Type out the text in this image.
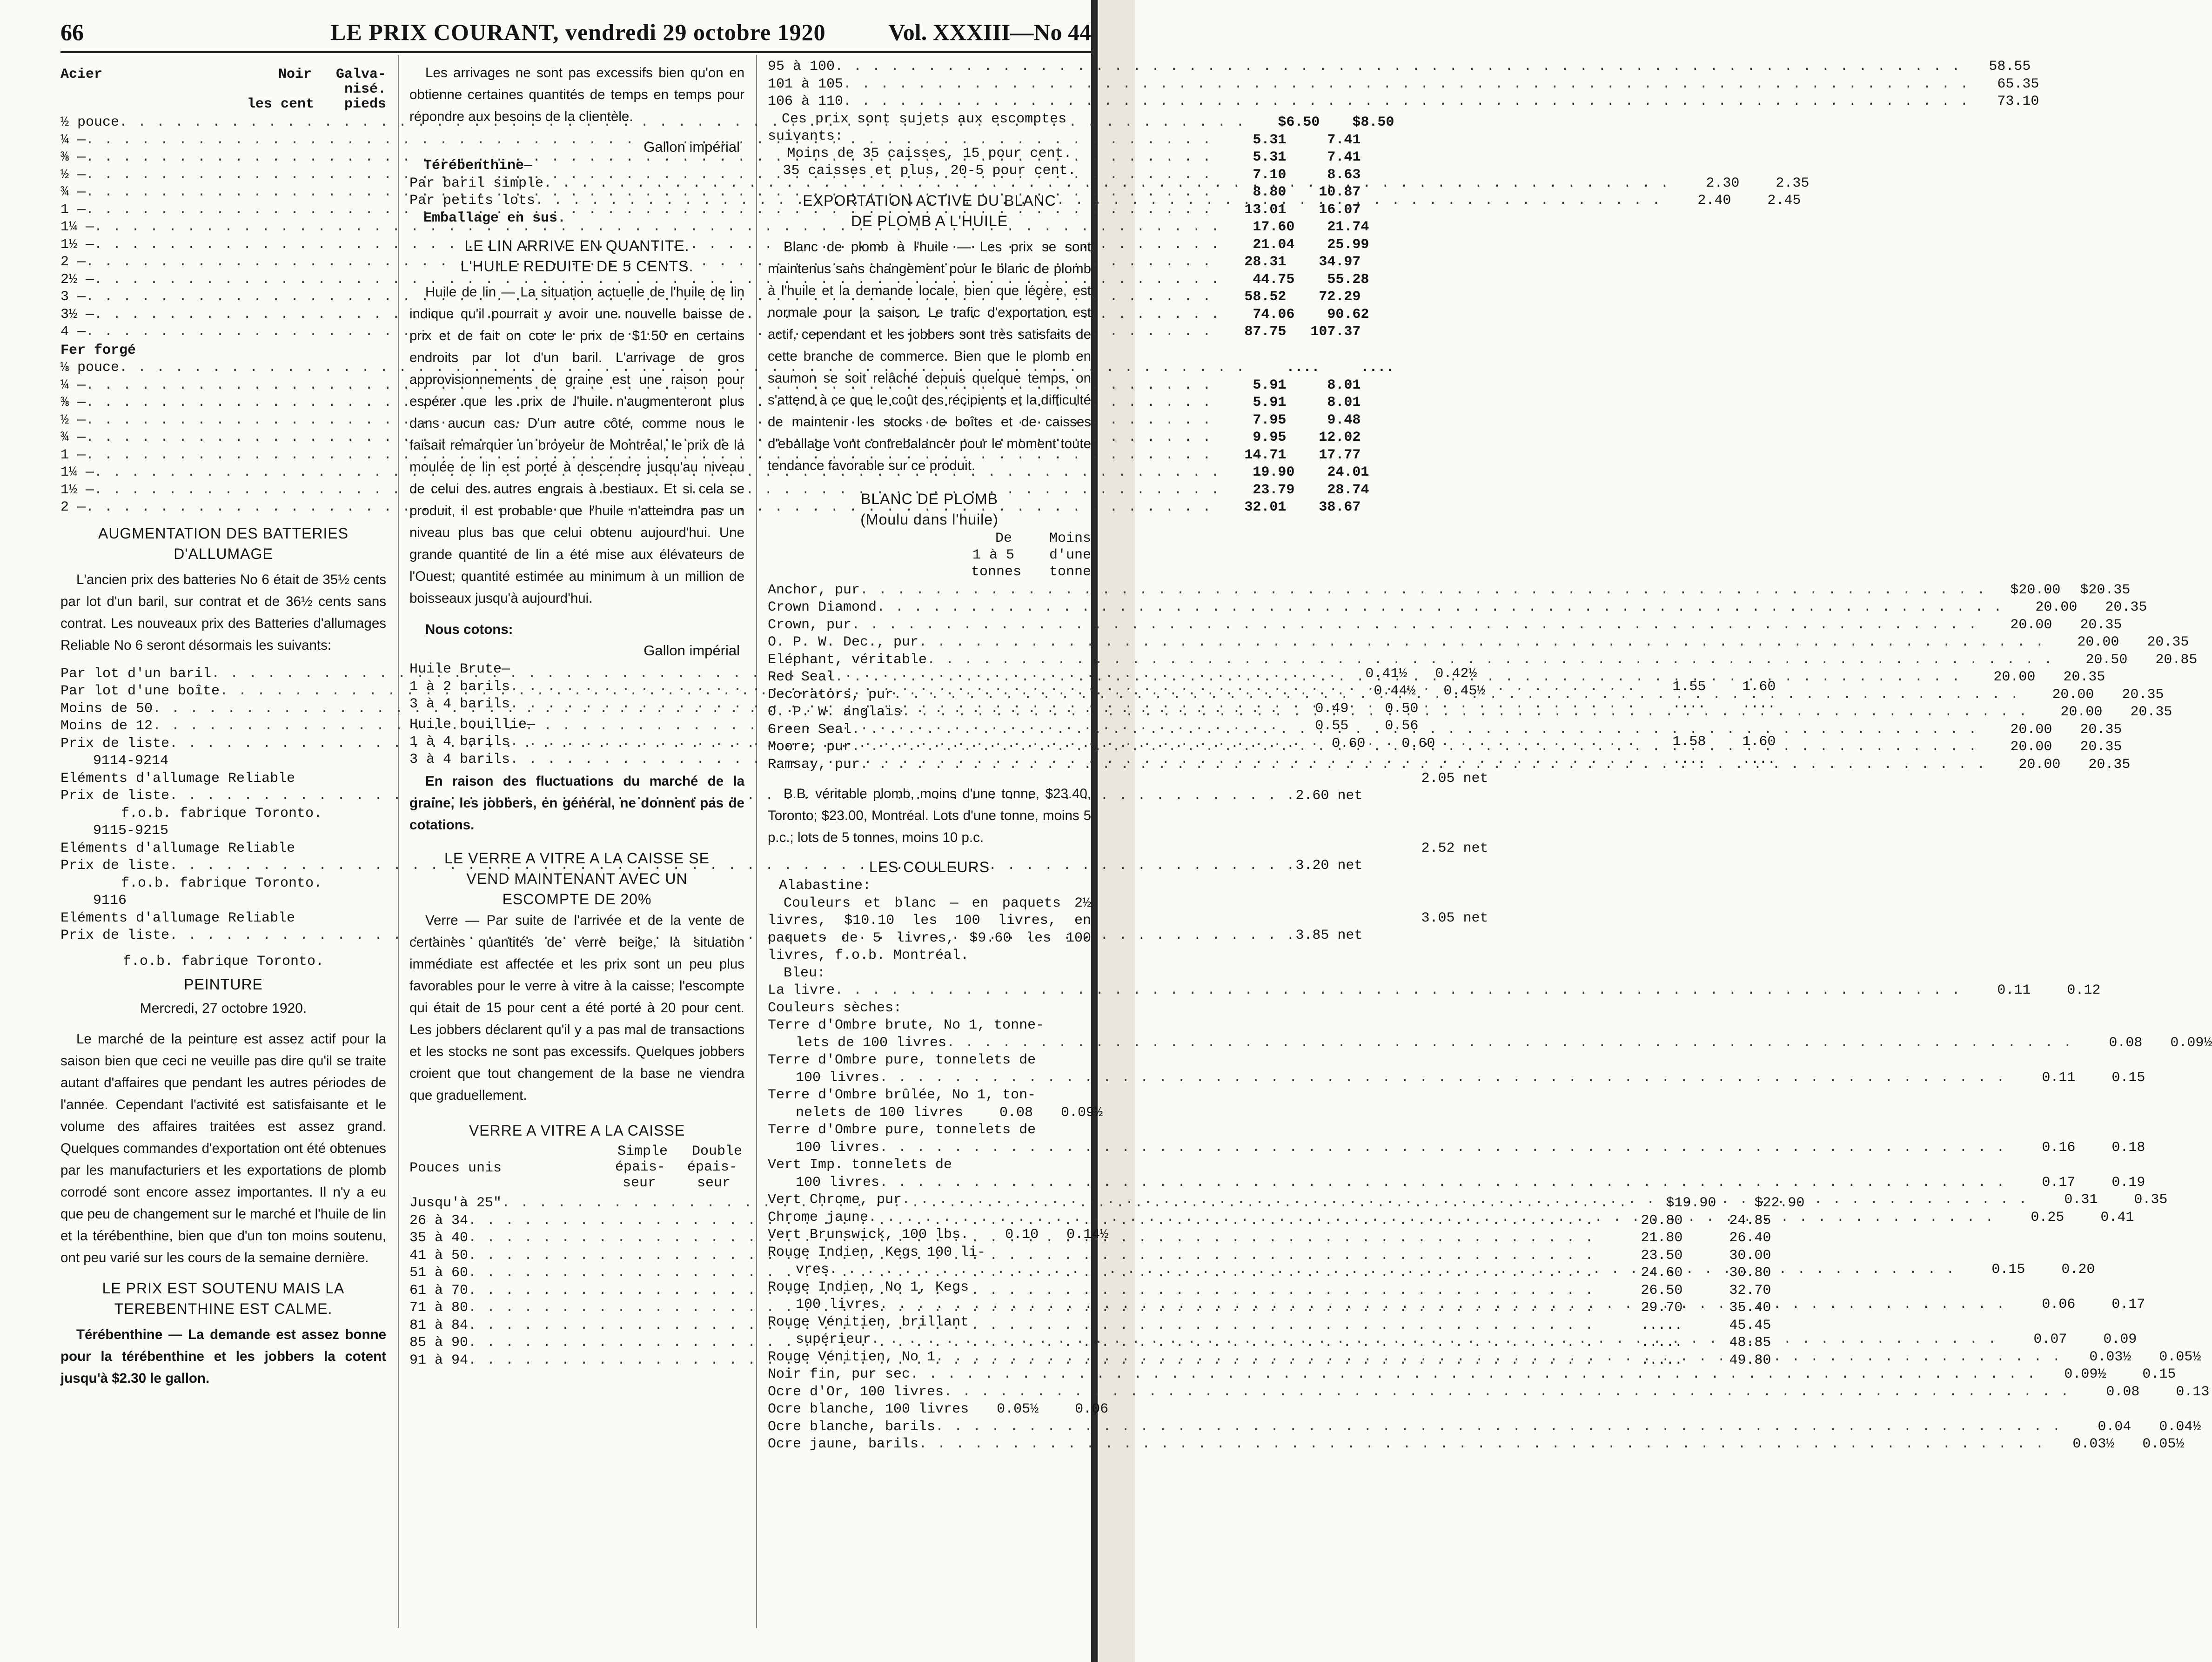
66	LE PRIX COURANT, vendredi 29 octobre 1920	Vol. XXXIII—No 44
Acier	Noir Galva-
nisé.
les cent pieds
½ pouce . . .	$6.50	$8.50
¼ — . . .	5.31	7.41
⅜ — . . .	5.31	7.41
½ — . . .	7.10	8.63
¾ — . . .	8.80	10.87
1 — . . .	13.01	16.07
1¼ — . . .	17.60	21.74
1½ — . . .	21.04	25.99
2 — . . .	28.31	34.97
2½ — . . .	44.75	55.28
3 — . . .	58.52	72.29
3½ — . . .	74.06	90.62
4 — . . .	87.75	107.37
Fer forgé
⅛ pouce . . .	....	....
¼ — . . .	5.91	8.01
⅜ — . . .	5.91	8.01
½ — . . .	7.95	9.48
¾ — . . .	9.95	12.02
1 — . . .	14.71	17.77
1¼ — . . .	19.90	24.01
1½ — . . .	23.79	28.74
2 — . . .	32.01	38.67
AUGMENTATION DES BATTERIES
D'ALLUMAGE

L'ancien prix des batteries No 6 était de 35½ cents par lot d'un baril, sur contrat et de 36½ cents sans contrat. Les nouveaux prix des Batteries d'allumages Reliable No 6 seront désormais les suivants:

Par lot d'un baril . . .	0.41½	0.42½
Par lot d'une boîte . . .	0.44½	0.45½
Moins de 50 . . .	0.49	0.50
Moins de 12 . . .	0.55	0.56
Prix de liste . . .	0.60	0.60
9114-9214
Eléments d'allumage Reliable	2.05 net
Prix de liste . . .	2.60 net
f.o.b. fabrique Toronto.
9115-9215
Eléments d'allumage Reliable	2.52 net
Prix de liste . . .	3.20 net
f.o.b. fabrique Toronto.
9116
Eléments d'allumage Reliable	3.05 net
Prix de liste . . .	3.85 net
f.o.b. fabrique Toronto.
PEINTURE
Mercredi, 27 octobre 1920.

Le marché de la peinture est assez actif pour la saison bien que ceci ne veuille pas dire qu'il se traite autant d'affaires que pendant les autres périodes de l'année. Cependant l'activité est satisfaisante et le volume des affaires traitées est assez grand. Quelques commandes d'exportation ont été obtenues par les manufacturiers et les exportations de plomb corrodé sont encore assez importantes. Il n'y a eu que peu de changement sur le marché et l'huile de lin et la térébenthine, bien que d'un ton moins soutenu, ont peu varié sur les cours de la semaine dernière.

LE PRIX EST SOUTENU MAIS LA
TEREBENTHINE EST CALME.

Térébenthine — La demande est assez bonne pour la térébenthine et les jobbers la cotent jusqu'à $2.30 le gallon.

Les arrivages ne sont pas excessifs bien qu'on en obtienne certaines quantités de temps en temps pour répondre aux besoins de la clientèle.

Gallon impérial
Térébenthine—
Par baril simple . . .	2.30	2.35
Par petits lots . . .	2.40	2.45
Emballage en sus.
LE LIN ARRIVE EN QUANTITE.
L'HUILE REDUITE DE 5 CENTS.

Huile de lin — La situation actuelle de l'huile de lin indique qu'il pourrait y avoir une nouvelle baisse de prix et de fait on cote le prix de $1.50 en certains endroits par lot d'un baril. L'arrivage de gros approvisionnements de graine est une raison pour espérer que les prix de l'huile n'augmenteront plus dans aucun cas. D'un autre côté, comme nous le faisait remarquer un broyeur de Montréal, le prix de la moulée de lin est porté à descendre jusqu'au niveau de celui des autres engrais à bestiaux. Et si cela se produit, il est probable que l'huile n'atteindra pas un niveau plus bas que celui obtenu aujourd'hui. Une grande quantité de lin a été mise aux élévateurs de l'Ouest; quantité estimée au minimum à un million de boisseaux jusqu'à aujourd'hui.

Nous cotons:
Gallon impérial
Huile Brute—
1 à 2 barils . . .	1.55	1.60
3 à 4 barils . . .	....	....
Huile bouillie—
1 à 4 barils . . .	1.58	1.60
3 à 4 barils . . .	....	....

En raison des fluctuations du marché de la graine, les jobbers, en général, ne donnent pas de cotations.

LE VERRE A VITRE A LA CAISSE SE
VEND MAINTENANT AVEC UN
ESCOMPTE DE 20%

Verre — Par suite de l'arrivée et de la vente de certaines quantités de verre beige, la situation immédiate est affectée et les prix sont un peu plus favorables pour le verre à vitre à la caisse; l'escompte qui était de 15 pour cent a été porté à 20 pour cent. Les jobbers déclarent qu'il y a pas mal de transactions et les stocks ne sont pas excessifs. Quelques jobbers croient que tout changement de la base ne viendra que graduellement.

VERRE A VITRE A LA CAISSE
Pouces unis
Simple
épais-
seur
Double
épais-
seur
Jusqu'à 25" . . .	$19.90	$22.90
26 à 34 . . .	20.80	24.85
35 à 40 . . .	21.80	26.40
41 à 50 . . .	23.50	30.00
51 à 60 . . .	24.60	30.80
61 à 70 . . .	26.50	32.70
71 à 80 . . .	29.70	35.40
81 à 84 . . .	.....	45.45
85 à 90 . . .	.....	48.85
91 à 94 . . .	.....	49.80
95 à 100 . . .	58.55
101 à 105 . . .	65.35
106 à 110 . . .	73.10

Ces prix sont sujets aux escomptes suivants:

Moins de 35 caisses, 15 pour cent.
35 caisses et plus, 20-5 pour cent.
EXPORTATION ACTIVE DU BLANC
DE PLOMB A L'HUILE

Blanc de plomb à l'huile — Les prix se sont maintenus sans changement pour le blanc de plomb à l'huile et la demande locale, bien que légère, est normale pour la saison. Le trafic d'exportation est actif, cependant et les jobbers sont très satisfaits de cette branche de commerce. Bien que le plomb en saumon se soit relâché depuis quelque temps, on s'attend à ce que le coût des récipients et la difficulté de maintenir les stocks de boîtes et de caisses d'eballage vont contrebalancer pour le moment toute tendance favorable sur ce produit.

BLANC DE PLOMB
(Moulu dans l'huile)
De	Moins
1 à 5 d'une
tonnes tonne
Anchor, pur . . .	$20.00	$20.35
Crown Diamond . . .	20.00	20.35
Crown, pur . . .	20.00	20.35
O. P. W. Dec., pur . . .	20.00	20.35
Eléphant, véritable . . .	20.50	20.85
Red Seal . . .	20.00	20.35
Decorators, pur . . .	20.00	20.35
O. P. W. anglais . . .	20.00	20.35
Green Seal . . .	20.00	20.35
Moore, pur . . .	20.00	20.35
Ramsay, pur . . .	20.00	20.35

B.B. véritable plomb, moins d'une tonne, $23.40, Toronto; $23.00, Montréal. Lots d'une tonne, moins 5 p.c.; lots de 5 tonnes, moins 10 p.c.

LES COULEURS
Alabastine:

Couleurs et blanc — en paquets 2½ livres, $10.10 les 100 livres, en paquets de 5 livres, $9.60 les 100 livres, f.o.b. Montréal.

Bleu:
La livre . . .	0.11	0.12
Couleurs sèches:
Terre d'Ombre brute, No 1, tonne-
lets de 100 livres . . .	0.08	0.09½
Terre d'Ombre pure, tonnelets de
100 livres . . .	0.11	0.15
Terre d'Ombre brûlée, No 1, ton-
nelets de 100 livres	0.08	0.09½
Terre d'Ombre pure, tonnelets de
100 livres . . .	0.16	0.18
Vert Imp. tonnelets de
100 livres . . .	0.17	0.19
Vert Chrome, pur . . .	0.31	0.35
Chrome jaune . . .	0.25	0.41
Vert Brunswick, 100 lbs.	0.10	0.14½
Rouge Indien, Kegs 100 li-
vres . . .	0.15	0.20
Rouge Indien, No 1, Kegs
100 livres . . .	0.06	0.17
Rouge Vénitien, brillant
supérieur . . .	0.07	0.09
Rouge Vénitien, No 1 . . .	0.03½	0.05½
Noir fin, pur sec . . .	0.09½	0.15
Ocre d'Or, 100 livres . . .	0.08	0.13
Ocre blanche, 100 livres	0.05½	0.06
Ocre blanche, barils . . .	0.04	0.04½
Ocre jaune, barils . . .	0.03½	0.05½
